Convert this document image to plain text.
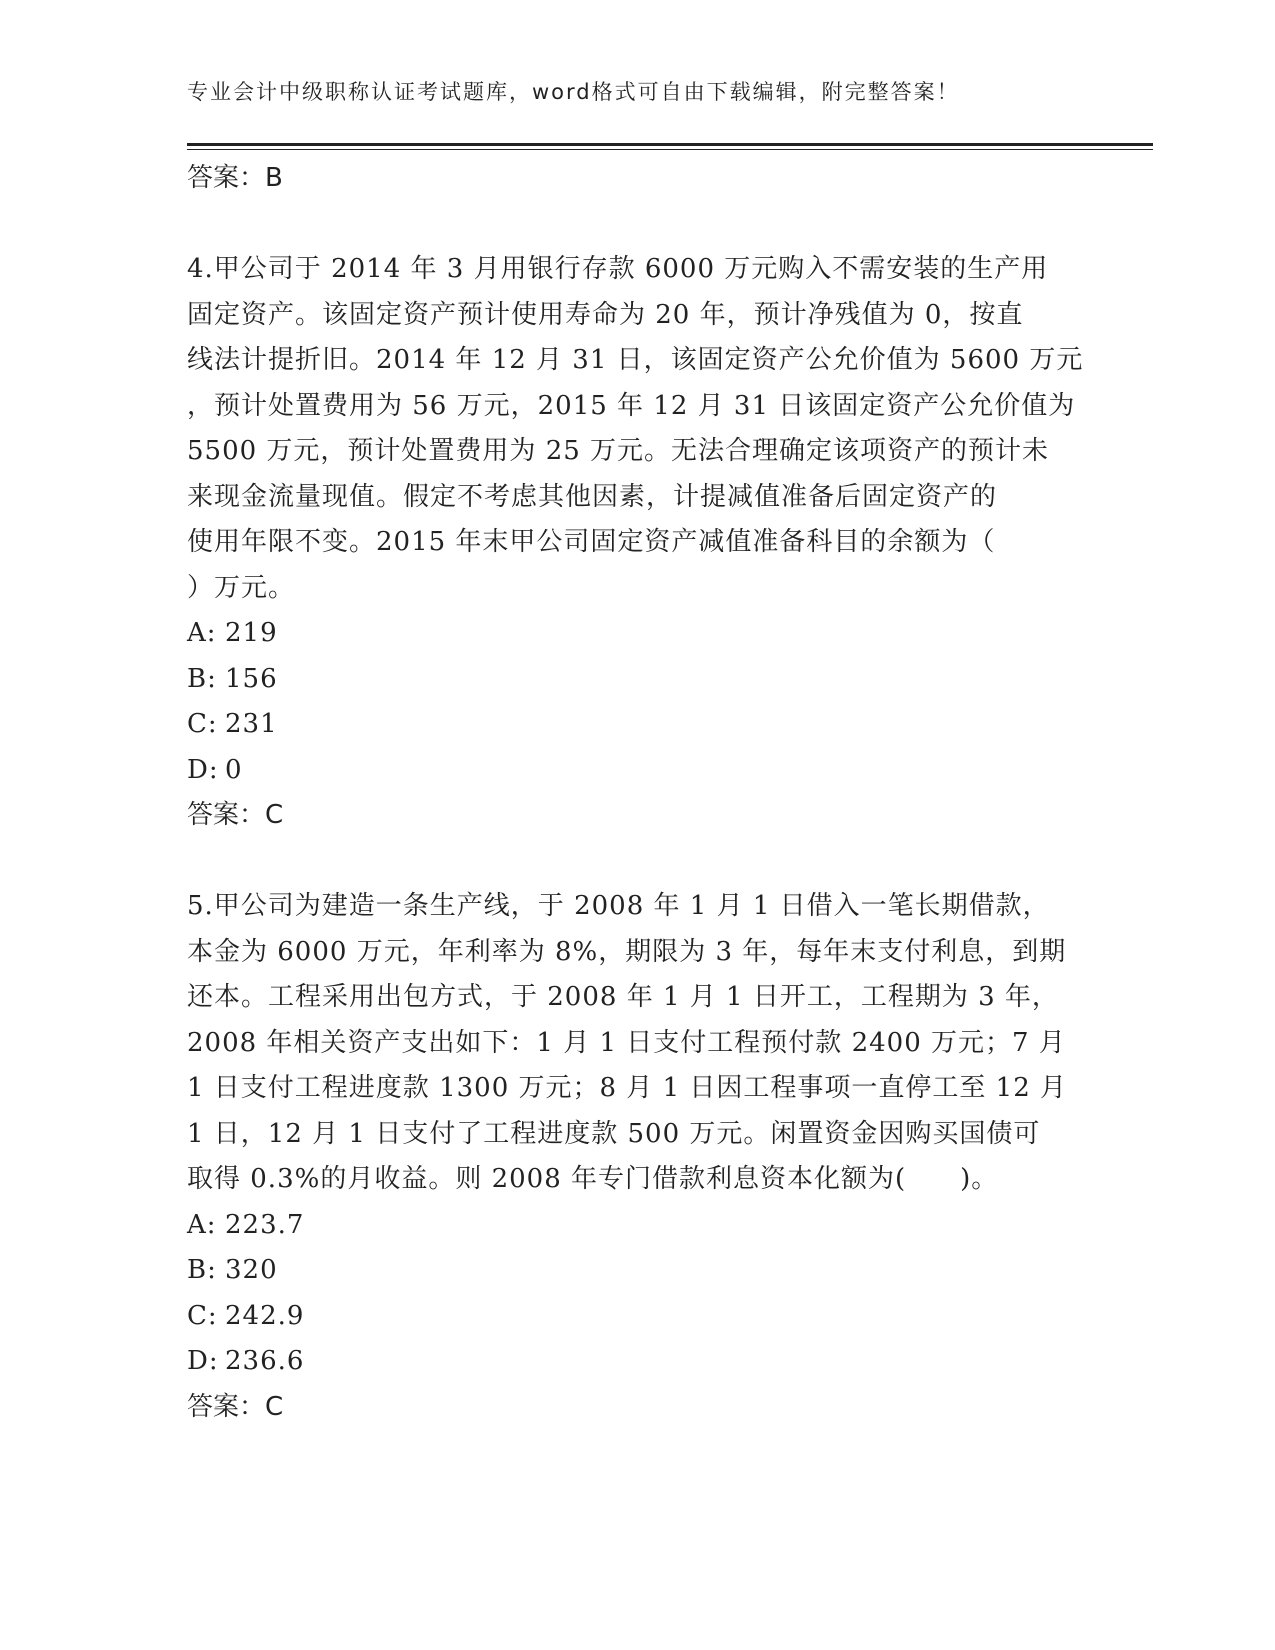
专业会计中级职称认证考试题库，word格式可自由下载编辑，附完整答案！
答案：B
4.甲公司于 2014 年 3 月用银行存款 6000 万元购入不需安装的生产用
固定资产。该固定资产预计使用寿命为 20 年，预计净残值为 0，按直
线法计提折旧。2014 年 12 月 31 日，该固定资产公允价值为 5600 万元
，预计处置费用为 56 万元，2015 年 12 月 31 日该固定资产公允价值为
5500 万元，预计处置费用为 25 万元。无法合理确定该项资产的预计未
来现金流量现值。假定不考虑其他因素，计提减值准备后固定资产的
使用年限不变。2015 年末甲公司固定资产减值准备科目的余额为（
）万元。
A: 219
B: 156
C: 231
D: 0
答案：C
5.甲公司为建造一条生产线，于 2008 年 1 月 1 日借入一笔长期借款，
本金为 6000 万元，年利率为 8%，期限为 3 年，每年末支付利息，到期
还本。工程采用出包方式，于 2008 年 1 月 1 日开工，工程期为 3 年，
2008 年相关资产支出如下：1 月 1 日支付工程预付款 2400 万元；7 月
1 日支付工程进度款 1300 万元；8 月 1 日因工程事项一直停工至 12 月
1 日，12 月 1 日支付了工程进度款 500 万元。闲置资金因购买国债可
取得 0.3%的月收益。则 2008 年专门借款利息资本化额为(　　)。
A: 223.7
B: 320
C: 242.9
D: 236.6
答案：C
